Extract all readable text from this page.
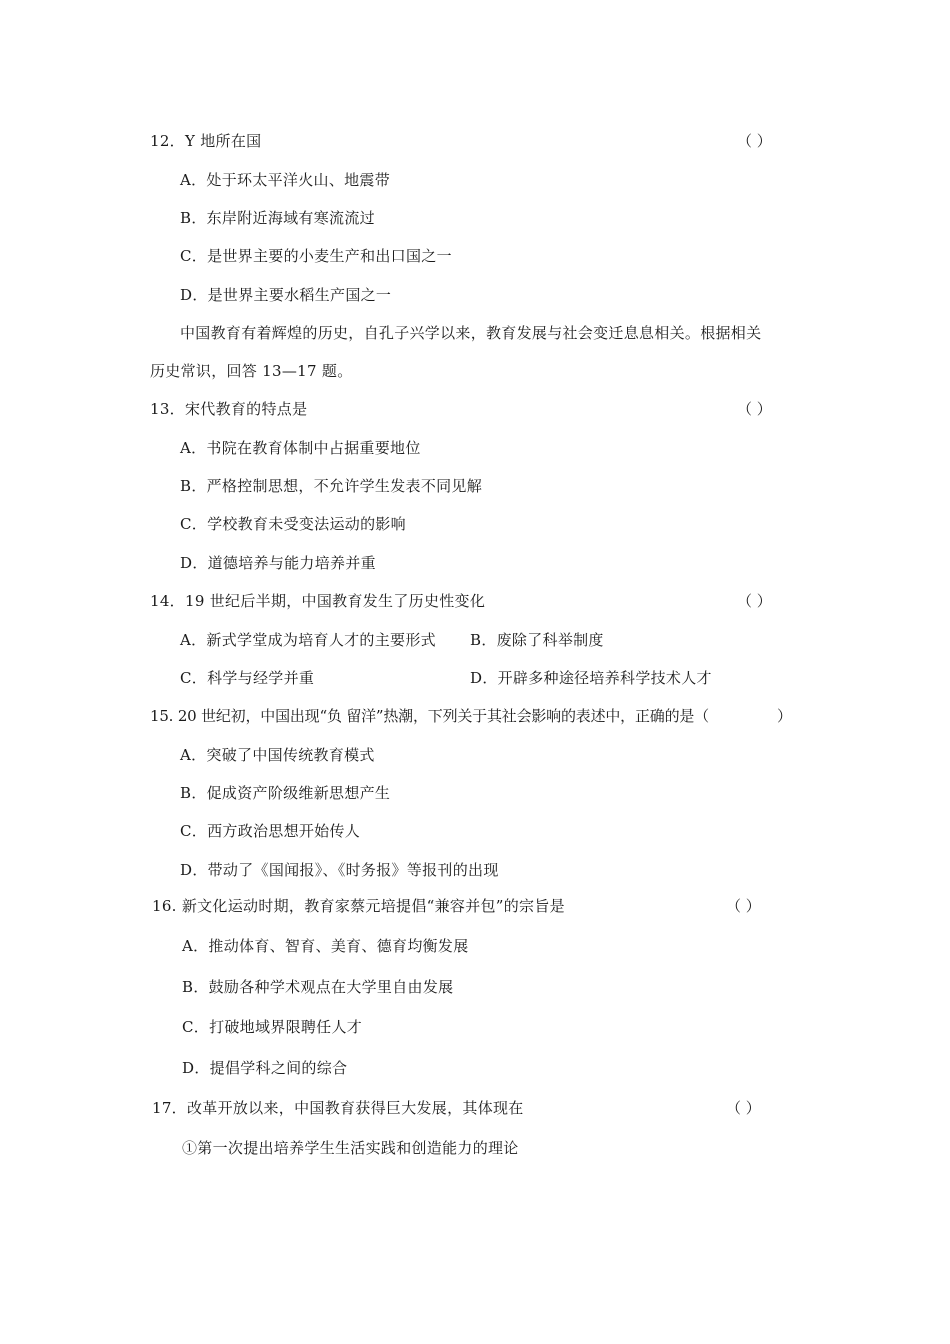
12．Y 地所在国	（ ）
A．处于环太平洋火山、地震带
B．东岸附近海域有寒流流过
C．是世界主要的小麦生产和出口国之一
D．是世界主要水稻生产国之一
中国教育有着辉煌的历史，自孔子兴学以来，教育发展与社会变迁息息相关。根据相关
历史常识，回答 13—17 题。
13．宋代教育的特点是	（ ）
A．书院在教育体制中占据重要地位
B．严格控制思想，不允许学生发表不同见解
C．学校教育未受变法运动的影响
D．道德培养与能力培养并重
14．19 世纪后半期，中国教育发生了历史性变化	（ ）
A．新式学堂成为培育人才的主要形式 B．废除了科举制度
C．科学与经学并重	D．开辟多种途径培养科学技术人才
15. 20 世纪初，中国出现“负 留洋”热潮，下列关于其社会影响的表述中，正确的是（	）
A．突破了中国传统教育模式
B．促成资产阶级维新思想产生
C．西方政治思想开始传人
D．带动了《国闻报》、《时务报》等报刊的出现
16. 新文化运动时期，教育家蔡元培提倡“兼容并包”的宗旨是	（ ）
A．推动体育、智育、美育、德育均衡发展
B．鼓励各种学术观点在大学里自由发展
C．打破地域界限聘任人才
D．提倡学科之间的综合
17．改革开放以来，中国教育获得巨大发展，其体现在	（ ）
①第一次提出培养学生生活实践和创造能力的理论
